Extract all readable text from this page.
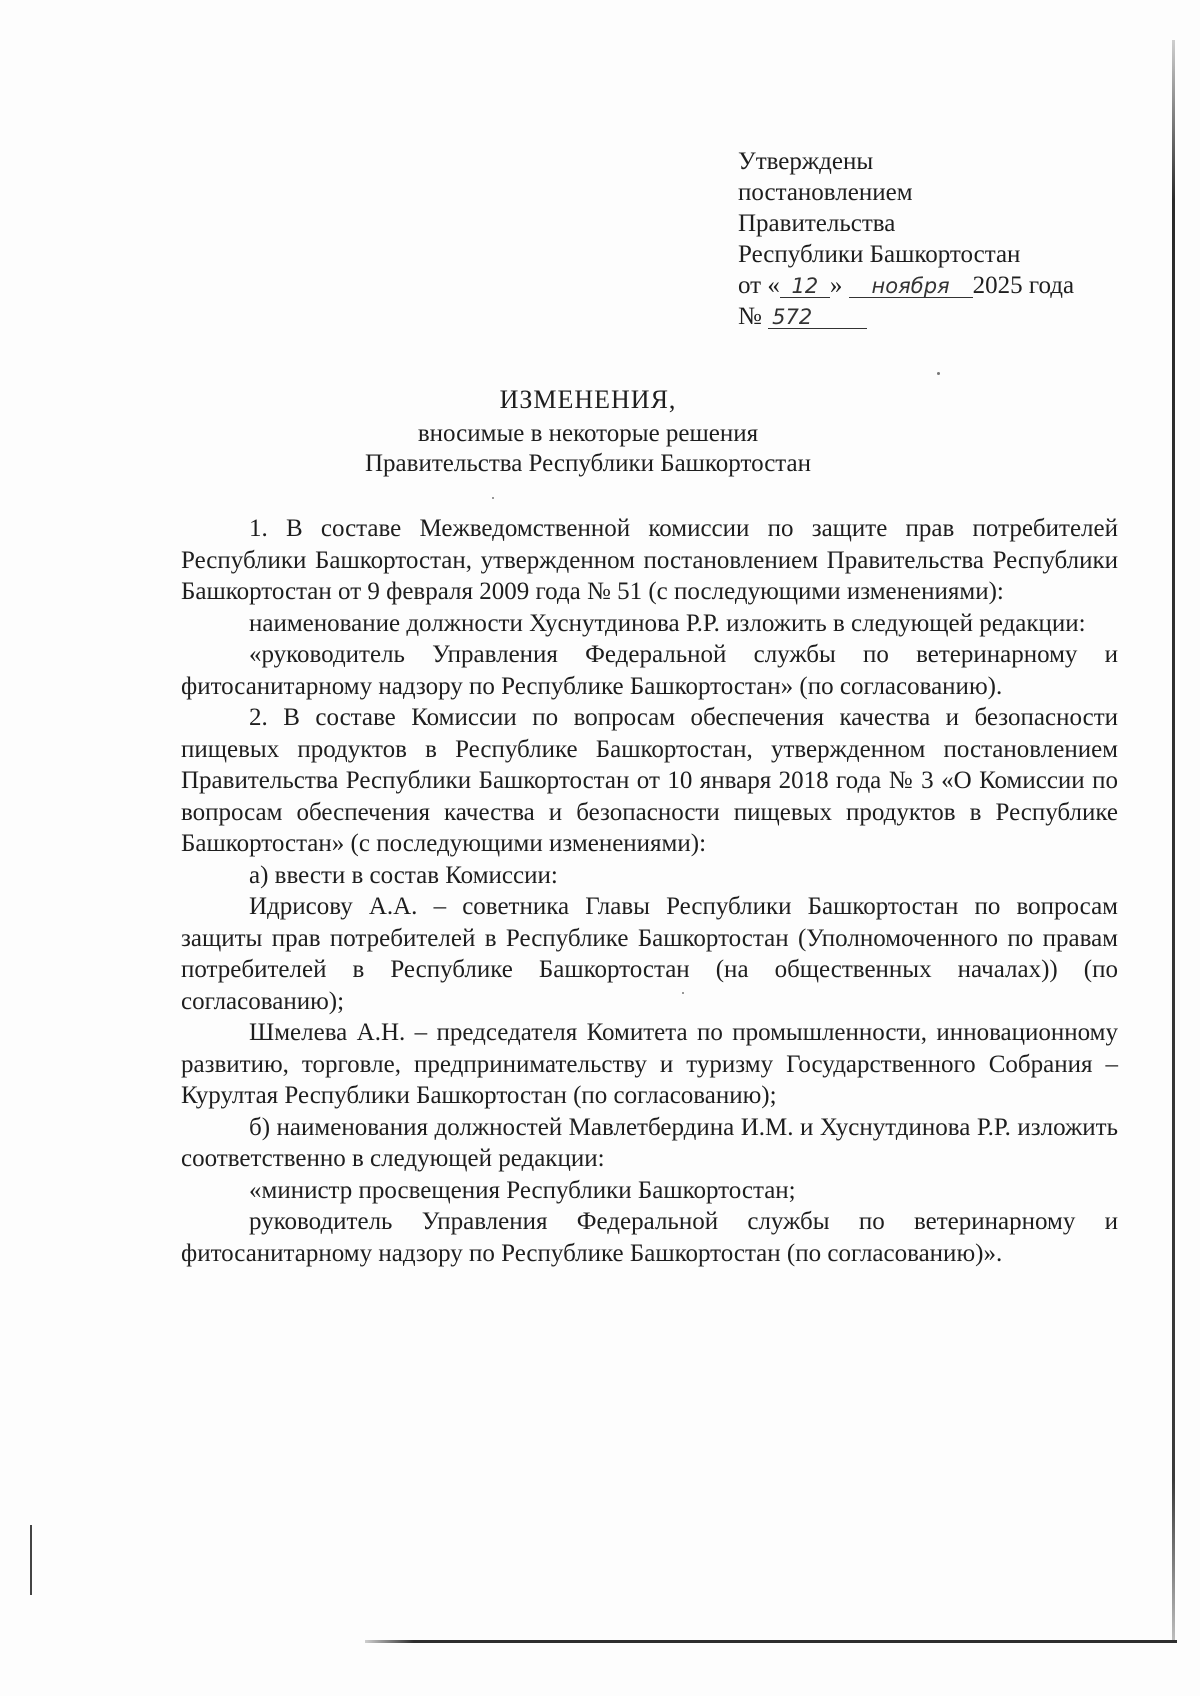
Утверждены
постановлением
Правительства
Республики Башкортостан
от « 12 » ноября 2025 года
№ 572
ИЗМЕНЕНИЯ,
вносимые в некоторые решения
Правительства Республики Башкортостан

1. В составе Межведомственной комиссии по защите прав потребителей Республики Башкортостан, утвержденном постановлением Правительства Республики Башкортостан от 9 февраля 2009 года № 51 (с последующими изменениями):

наименование должности Хуснутдинова Р.Р. изложить в следующей редакции:

«руководитель Управления Федеральной службы по ветеринарному и фитосанитарному надзору по Республике Башкортостан» (по согласованию).

2. В составе Комиссии по вопросам обеспечения качества и безопасности пищевых продуктов в Республике Башкортостан, утвержденном постановлением Правительства Республики Башкортостан от 10 января 2018 года № 3 «О Комиссии по вопросам обеспечения качества и безопасности пищевых продуктов в Республике Башкортостан» (с последующими изменениями):

а) ввести в состав Комиссии:

Идрисову А.А. – советника Главы Республики Башкортостан по вопросам защиты прав потребителей в Республике Башкортостан (Уполномоченного по правам потребителей в Республике Башкортостан (на общественных началах)) (по согласованию);

Шмелева А.Н. – председателя Комитета по промышленности, инновационному развитию, торговле, предпринимательству и туризму Государственного Собрания – Курултая Республики Башкортостан (по согласованию);

б) наименования должностей Мавлетбердина И.М. и Хуснутдинова Р.Р. изложить соответственно в следующей редакции:

«министр просвещения Республики Башкортостан;

руководитель Управления Федеральной службы по ветеринарному и фитосанитарному надзору по Республике Башкортостан (по согласованию)».
